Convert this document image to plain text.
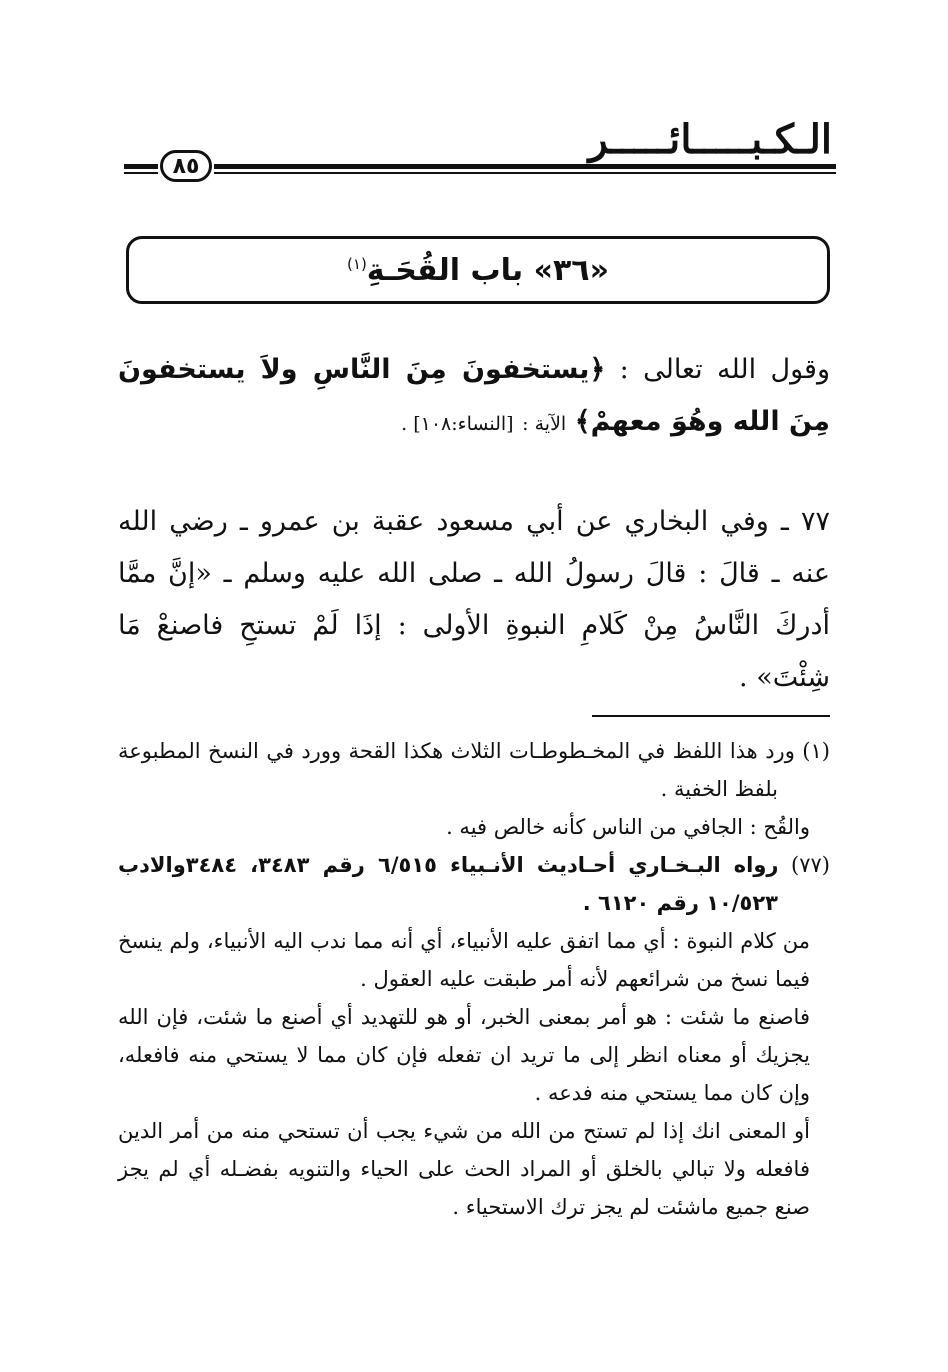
الـكـبـــــائـــــر
٨٥
«٣٦» باب القُحَـةِ$^{(١)}$

وقول الله تعالى : ﴿يستخفونَ مِنَ النَّاسِ ولاَ يستخفونَ مِنَ الله وهُوَ معهمْ﴾ الآية : [النساء:١٠٨] .

٧٧ ـ وفي البخاري عن أبي مسعود عقبة بن عمرو ـ رضي الله عنه ـ قالَ : قالَ رسولُ الله ـ صلى الله عليه وسلم ـ «إنَّ ممَّا أدركَ النَّاسُ مِنْ كَلامِ النبوةِ الأولى : إذَا لَمْ تستحِ فاصنعْ مَا شِئْتَ» .

(١) ورد هذا اللفظ في المخـطوطـات الثلاث هكذا القحة وورد في النسخ المطبوعة بلفظ الخفية .

والقُح : الجافي من الناس كأنه خالص فيه .

(٧٧) رواه البـخـاري أحـاديث الأنـبياء ٦/٥١٥ رقم ٣٤٨٣، ٣٤٨٤والادب ١٠/٥٢٣ رقم ٦١٢٠ .

من كلام النبوة : أي مما اتفق عليه الأنبياء، أي أنه مما ندب اليه الأنبياء، ولم ينسخ فيما نسخ من شرائعهم لأنه أمر طبقت عليه العقول .

فاصنع ما شئت : هو أمر بمعنى الخبر، أو هو للتهديد أي أصنع ما شئت، فإن الله يجزيك أو معناه انظر إلى ما تريد ان تفعله فإن كان مما لا يستحي منه فافعله، وإن كان مما يستحي منه فدعه .

أو المعنى انك إذا لم تستح من الله من شيء يجب أن تستحي منه من أمر الدين فافعله ولا تبالي بالخلق أو المراد الحث على الحياء والتنويه بفضـله أي لم يجز صنع جميع ماشئت لم يجز ترك الاستحياء .
